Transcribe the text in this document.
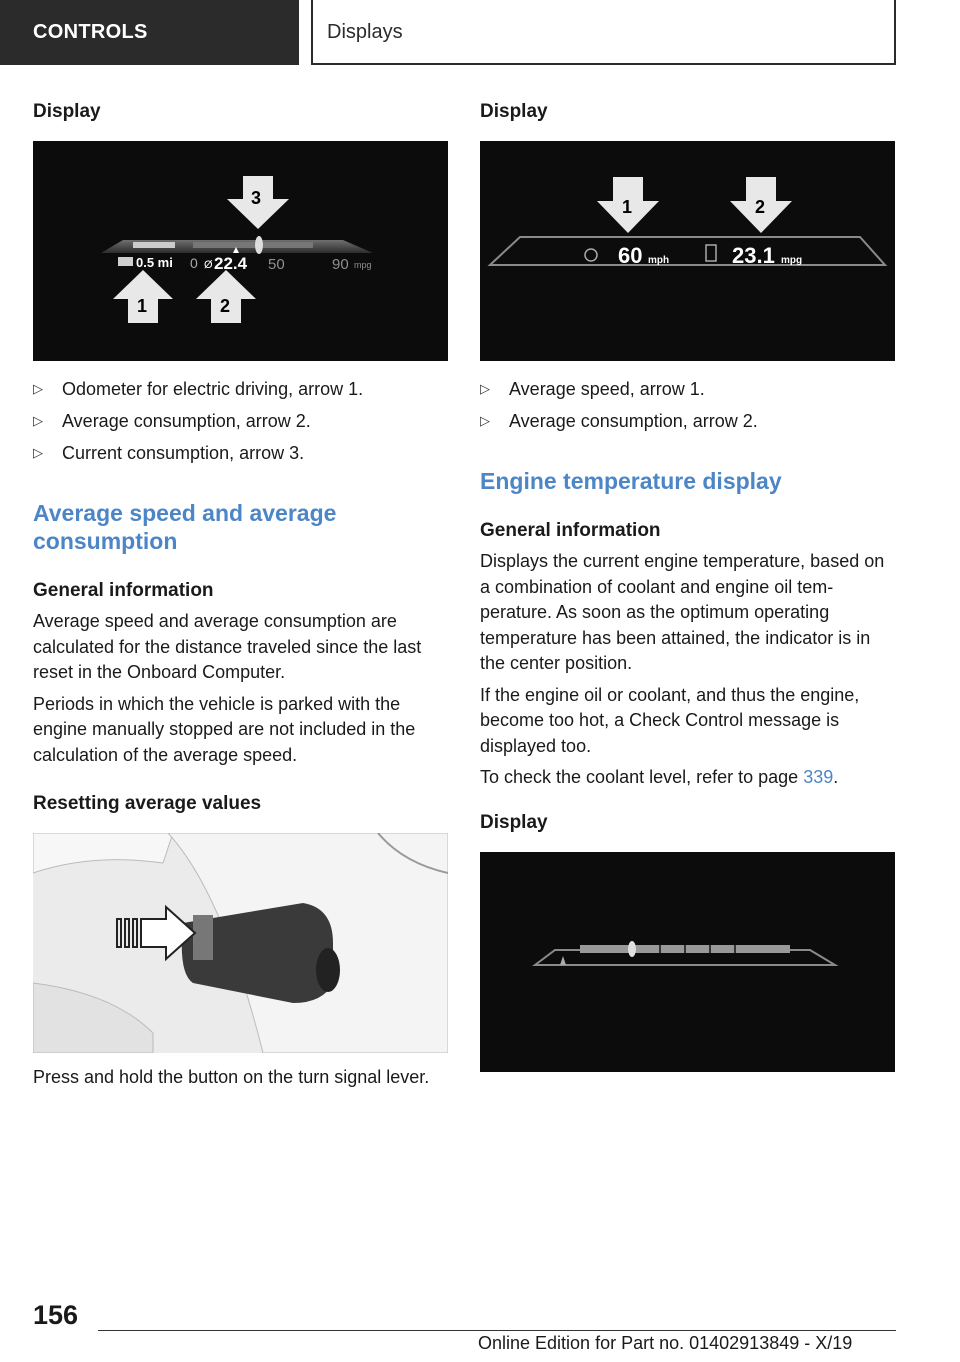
CONTROLS	Displays
Display
0.5 mi 0 Ø 22.4 50	90 mpg
3
1	2
▷ Odometer for electric driving, arrow 1.
▷ Average consumption, arrow 2.
▷ Current consumption, arrow 3.
Average speed and average consumption
General information

Average speed and average consumption are calculated for the distance traveled since the last reset in the Onboard Computer.

Periods in which the vehicle is parked with the engine manually stopped are not included in the calculation of the average speed.

Resetting average values

Press and hold the button on the turn signal lever.

Display
60 mph	23.1 mpg
1	2
▷ Average speed, arrow 1.
▷ Average consumption, arrow 2.
Engine temperature display
General information

Displays the current engine temperature, based on a combination of coolant and engine oil tem‐perature. As soon as the optimum operating temperature has been attained, the indicator is in the center position.

If the engine oil or coolant, and thus the engine, become too hot, a Check Control message is displayed too.

To check the coolant level, refer to page 339.

Display
156
Online Edition for Part no. 01402913849 - X/19
